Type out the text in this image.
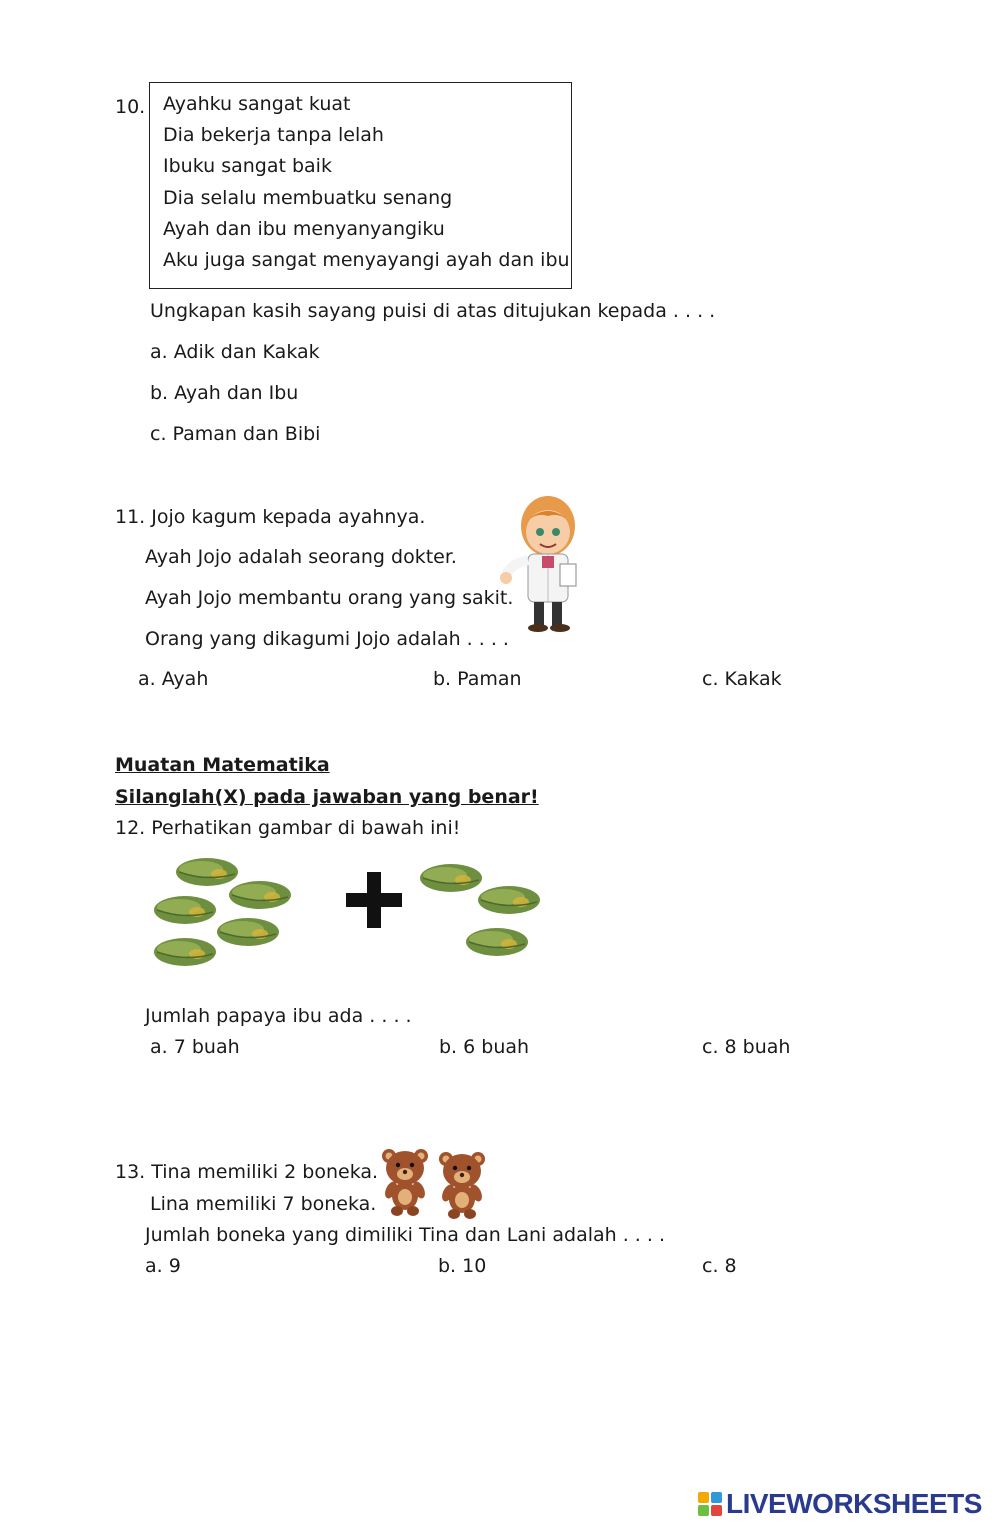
10. Ayahku sangat kuat
Dia bekerja tanpa lelah
Ibuku sangat baik
Dia selalu membuatku senang
Ayah dan ibu menyanyangiku
Aku juga sangat menyayangi ayah dan ibu
Ungkapan kasih sayang puisi di atas ditujukan kepada . . . .
a. Adik dan Kakak
b. Ayah dan Ibu
c. Paman dan Bibi
11. Jojo kagum kepada ayahnya.
Ayah Jojo adalah seorang dokter.
Ayah Jojo membantu orang yang sakit.
Orang yang dikagumi Jojo adalah . . . .
a. Ayah	b. Paman	c. Kakak
Muatan Matematika
Silanglah(X) pada jawaban yang benar!
12. Perhatikan gambar di bawah ini!
Jumlah papaya ibu ada . . . .
a. 7 buah	b. 6 buah	c. 8 buah
13. Tina memiliki 2 boneka.
Lina memiliki 7 boneka.
Jumlah boneka yang dimiliki Tina dan Lani adalah . . . .
a. 9	b. 10	c. 8
LIVEWORKSHEETS
